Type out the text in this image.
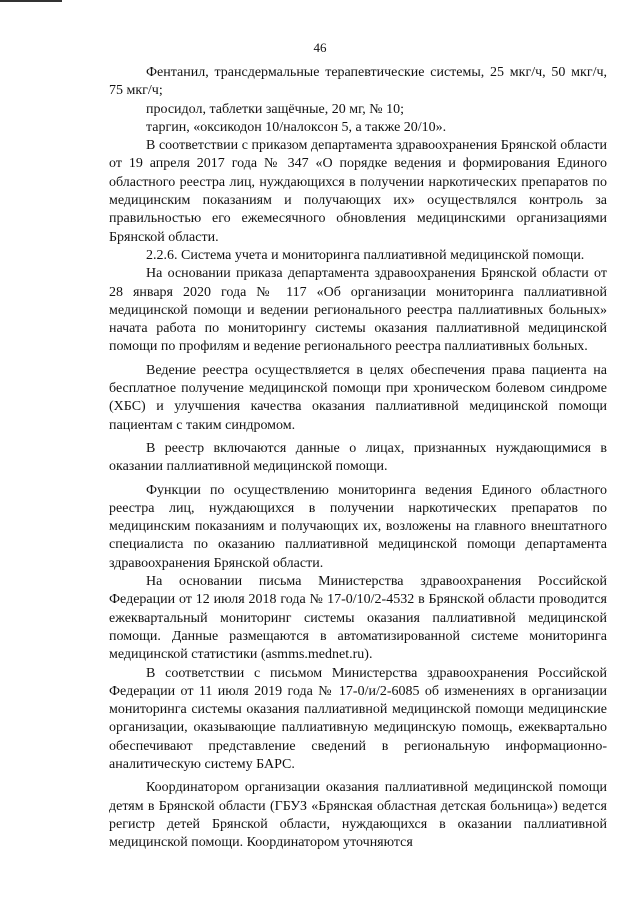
46

Фентанил, трансдермальные терапевтические системы, 25 мкг/ч, 50 мкг/ч, 75 мкг/ч;

просидол, таблетки защёчные, 20 мг, № 10;

таргин, «оксикодон 10/налоксон 5, а также 20/10».

В соответствии с приказом департамента здравоохранения Брянской области от 19 апреля 2017 года № 347 «О порядке ведения и формирования Единого областного реестра лиц, нуждающихся в получении наркотических препаратов по медицинским показаниям и получающих их» осуществлялся контроль за правильностью его ежемесячного обновления медицинскими организациями Брянской области.

2.2.6. Система учета и мониторинга паллиативной медицинской помощи.

На основании приказа департамента здравоохранения Брянской области от 28 января 2020 года № 117 «Об организации мониторинга паллиативной медицинской помощи и ведении регионального реестра паллиативных больных» начата работа по мониторингу системы оказания паллиативной медицинской помощи по профилям и ведение регионального реестра паллиативных больных.

Ведение реестра осуществляется в целях обеспечения права пациента на бесплатное получение медицинской помощи при хроническом болевом синдроме (ХБС) и улучшения качества оказания паллиативной медицинской помощи пациентам с таким синдромом.

В реестр включаются данные о лицах, признанных нуждающимися в оказании паллиативной медицинской помощи.

Функции по осуществлению мониторинга ведения Единого областного реестра лиц, нуждающихся в получении наркотических препаратов по медицинским показаниям и получающих их, возложены на главного внештатного специалиста по оказанию паллиативной медицинской помощи департамента здравоохранения Брянской области.

На основании письма Министерства здравоохранения Российской Федерации от 12 июля 2018 года № 17-0/10/2-4532 в Брянской области проводится ежеквартальный мониторинг системы оказания паллиативной медицинской помощи. Данные размещаются в автоматизированной системе мониторинга медицинской статистики (asmms.mednet.ru).

В соответствии с письмом Министерства здравоохранения Российской Федерации от 11 июля 2019 года № 17-0/и/2-6085 об изменениях в организации мониторинга системы оказания паллиативной медицинской помощи медицинские организации, оказывающие паллиативную медицинскую помощь, ежеквартально обеспечивают представление сведений в региональную информационно-аналитическую систему БАРС.

Координатором организации оказания паллиативной медицинской помощи детям в Брянской области (ГБУЗ «Брянская областная детская больница») ведется регистр детей Брянской области, нуждающихся в оказании паллиативной медицинской помощи. Координатором уточняются
